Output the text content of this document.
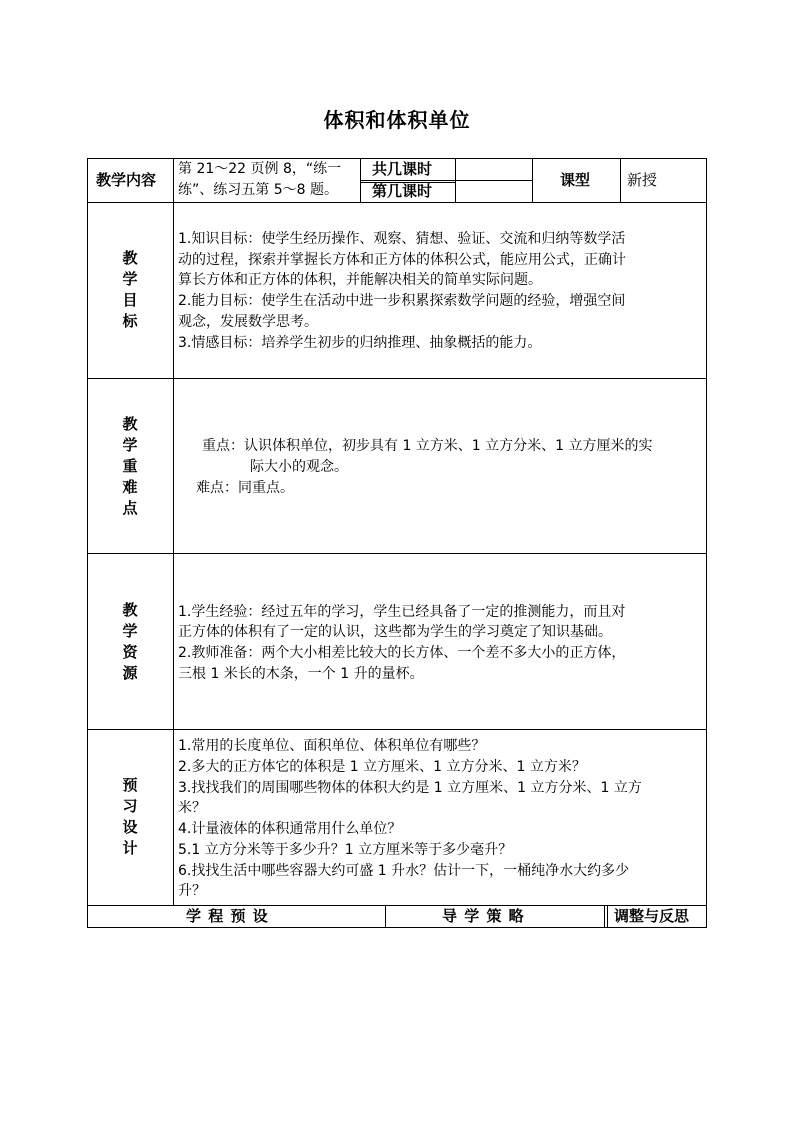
体积和体积单位
教学内容
第 21～22 页例 8，“练一
练”、练习五第 5～8 题。
共几课时
第几课时
课型 新授
教
学
目
标
1.知识目标：使学生经历操作、观察、猜想、验证、交流和归纳等数学活
动的过程，探索并掌握长方体和正方体的体积公式，能应用公式，正确计
算长方体和正方体的体积，并能解决相关的简单实际问题。
2.能力目标：使学生在活动中进一步积累探索数学问题的经验，增强空间
观念，发展数学思考。
3.情感目标：培养学生初步的归纳推理、抽象概括的能力。
教
学
重
难
点
重点：认识体积单位，初步具有 1 立方米、1 立方分米、1 立方厘米的实
际大小的观念。
难点：同重点。
教
学
资
源
1.学生经验：经过五年的学习，学生已经具备了一定的推测能力，而且对
正方体的体积有了一定的认识，这些都为学生的学习奠定了知识基础。
2.教师准备：两个大小相差比较大的长方体、一个差不多大小的正方体，
三根 1 米长的木条，一个 1 升的量杯。
预
习
设
计
1.常用的长度单位、面积单位、体积单位有哪些？
2.多大的正方体它的体积是 1 立方厘米、1 立方分米、1 立方米？
3.找找我们的周围哪些物体的体积大约是 1 立方厘米、1 立方分米、1 立方
米？
4.计量液体的体积通常用什么单位？
5.1 立方分米等于多少升？1 立方厘米等于多少毫升？
6.找找生活中哪些容器大约可盛 1 升水？估计一下，一桶纯净水大约多少
升？
学 程 预 设	导 学 策 略	调整与反思
